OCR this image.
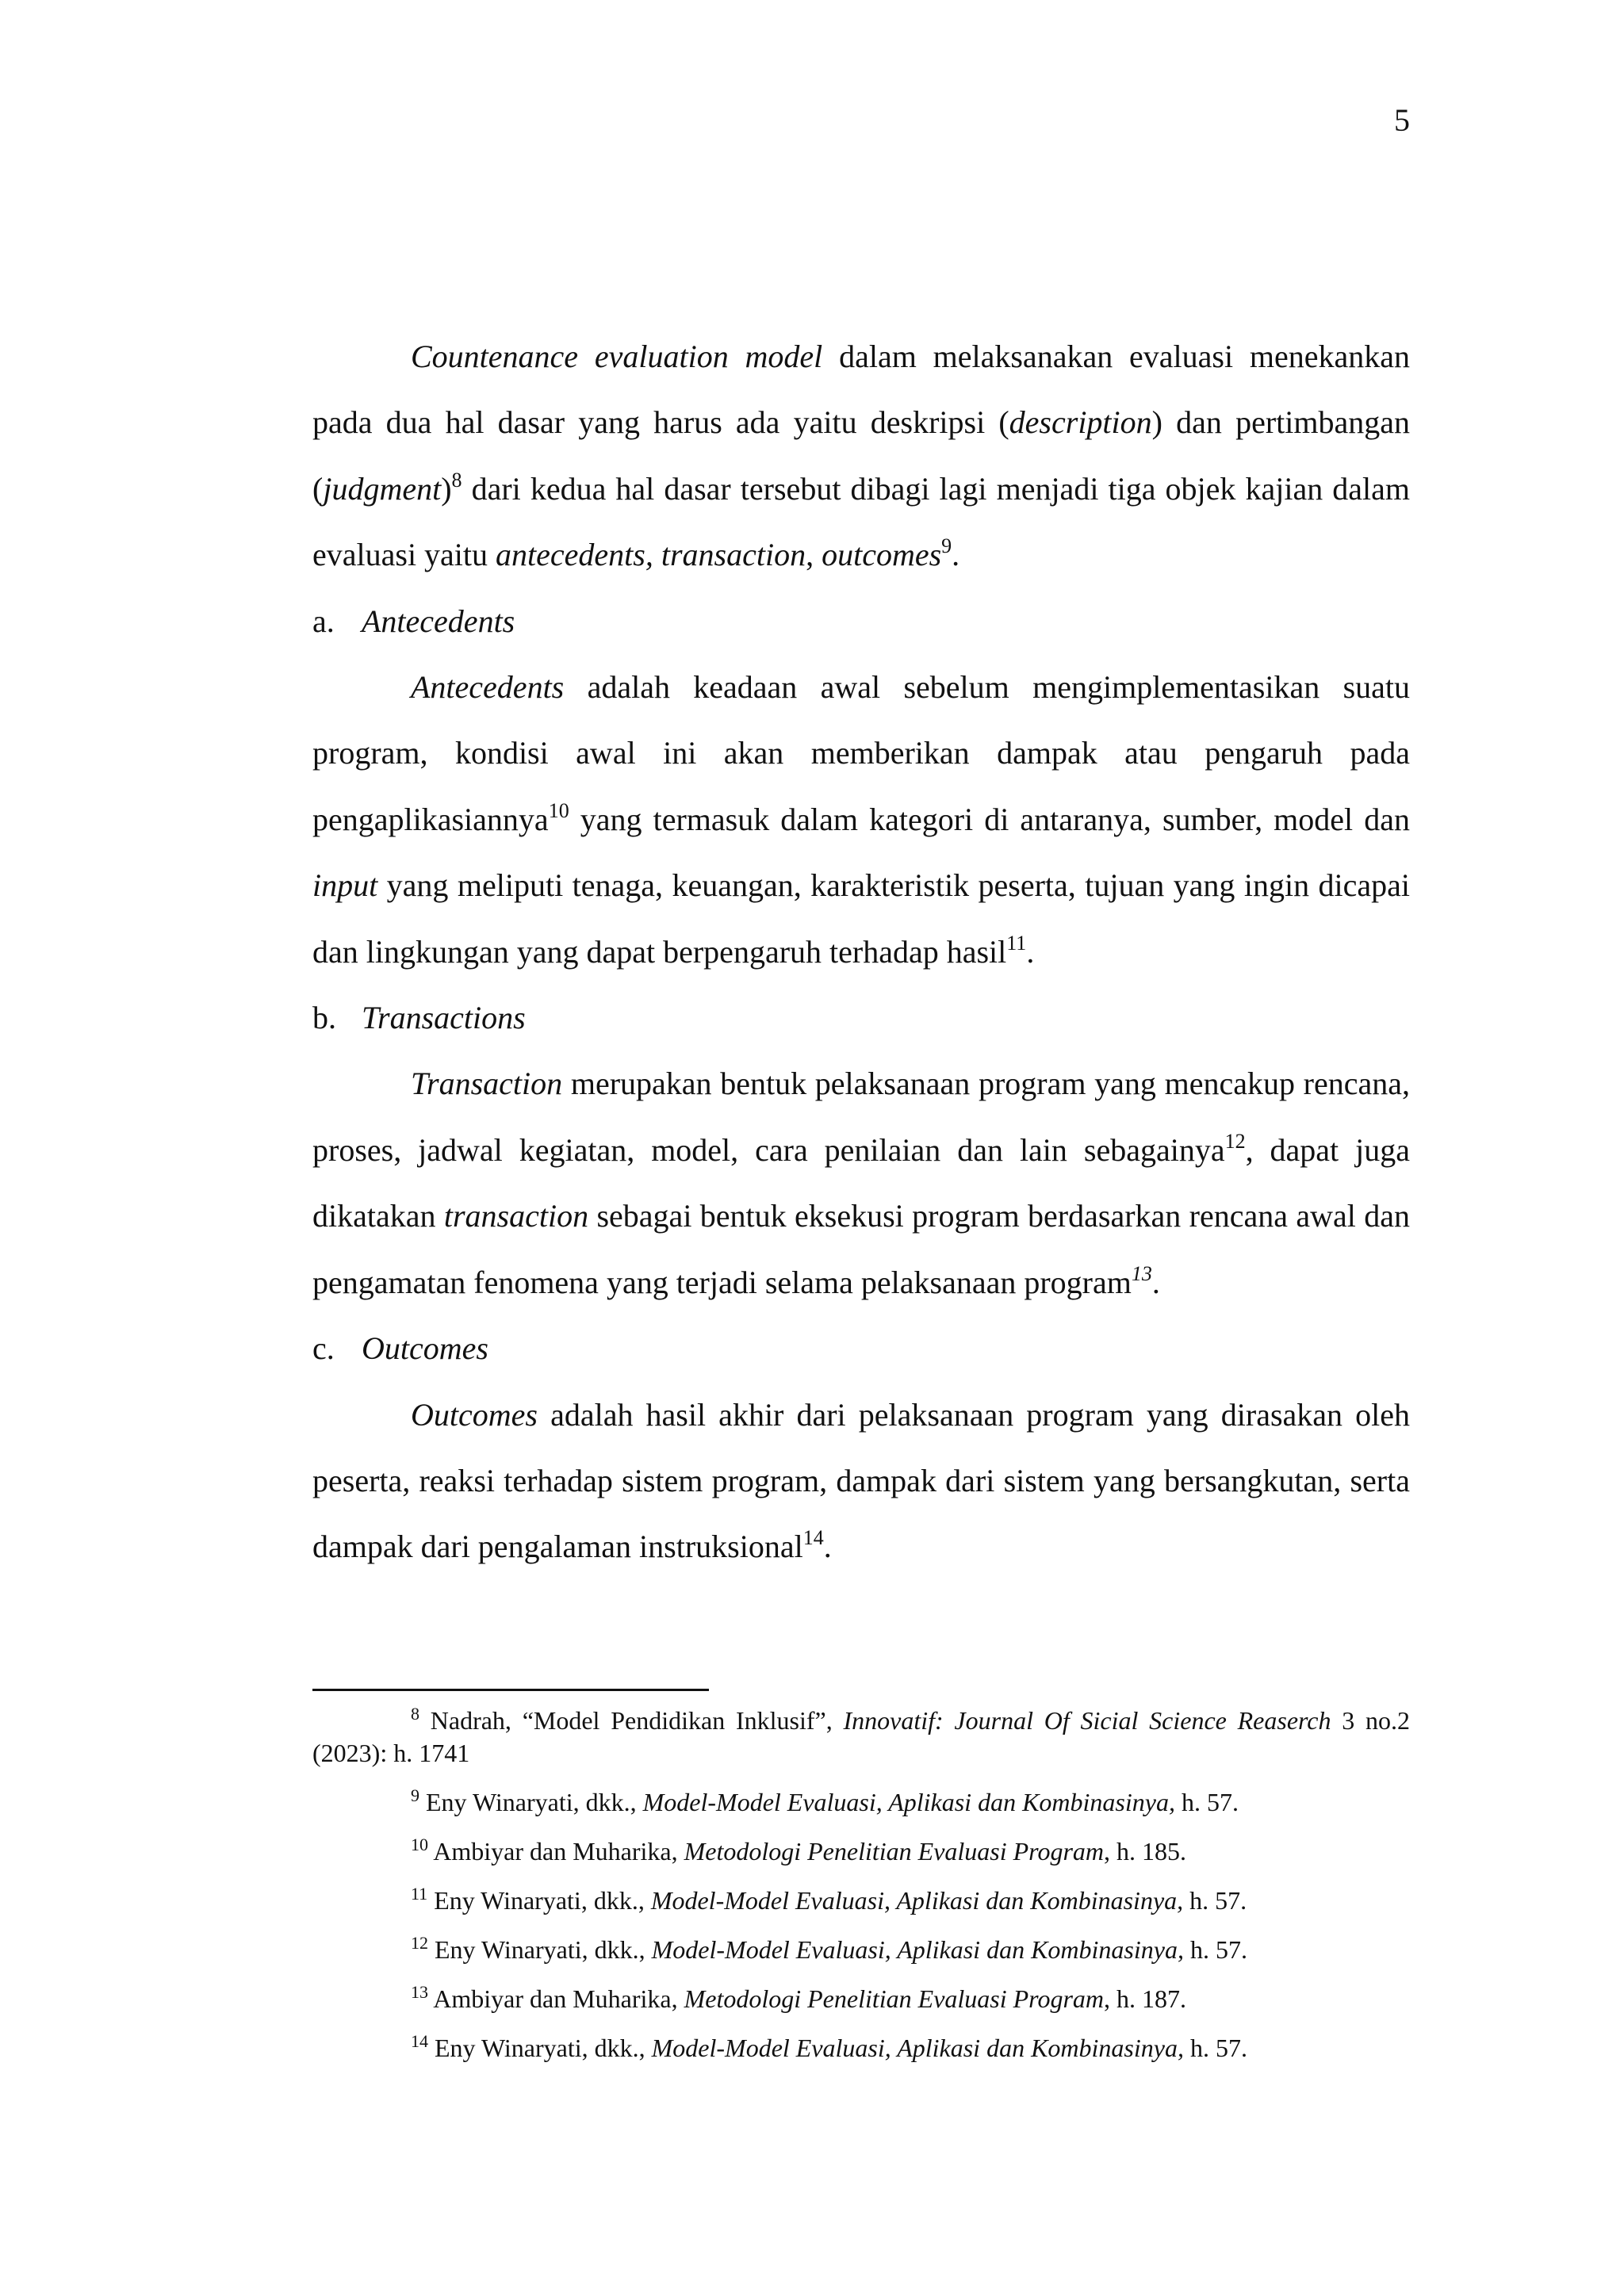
5

Countenance evaluation model dalam melaksanakan evaluasi menekankan pada dua hal dasar yang harus ada yaitu deskripsi (description) dan pertimbangan (judgment)$^8$ dari kedua hal dasar tersebut dibagi lagi menjadi tiga objek kajian dalam evaluasi yaitu antecedents, transaction, outcomes$^9$.

a. Antecedents

Antecedents adalah keadaan awal sebelum mengimplementasikan suatu program, kondisi awal ini akan memberikan dampak atau pengaruh pada pengaplikasiannya$^{10}$ yang termasuk dalam kategori di antaranya, sumber, model dan input yang meliputi tenaga, keuangan, karakteristik peserta, tujuan yang ingin dicapai dan lingkungan yang dapat berpengaruh terhadap hasil$^{11}$.

b. Transactions

Transaction merupakan bentuk pelaksanaan program yang mencakup rencana, proses, jadwal kegiatan, model, cara penilaian dan lain sebagainya$^{12}$, dapat juga dikatakan transaction sebagai bentuk eksekusi program berdasarkan rencana awal dan pengamatan fenomena yang terjadi selama pelaksanaan program$^{13}$.

c. Outcomes

Outcomes adalah hasil akhir dari pelaksanaan program yang dirasakan oleh peserta, reaksi terhadap sistem program, dampak dari sistem yang bersangkutan, serta dampak dari pengalaman instruksional$^{14}$.

$^8$ Nadrah, “Model Pendidikan Inklusif”, Innovatif: Journal Of Sicial Science Reaserch 3 no.2 (2023): h. 1741

$^9$ Eny Winaryati, dkk., Model-Model Evaluasi, Aplikasi dan Kombinasinya, h. 57.

$^{10}$ Ambiyar dan Muharika, Metodologi Penelitian Evaluasi Program, h. 185.

$^{11}$ Eny Winaryati, dkk., Model-Model Evaluasi, Aplikasi dan Kombinasinya, h. 57.

$^{12}$ Eny Winaryati, dkk., Model-Model Evaluasi, Aplikasi dan Kombinasinya, h. 57.

$^{13}$ Ambiyar dan Muharika, Metodologi Penelitian Evaluasi Program, h. 187.

$^{14}$ Eny Winaryati, dkk., Model-Model Evaluasi, Aplikasi dan Kombinasinya, h. 57.
